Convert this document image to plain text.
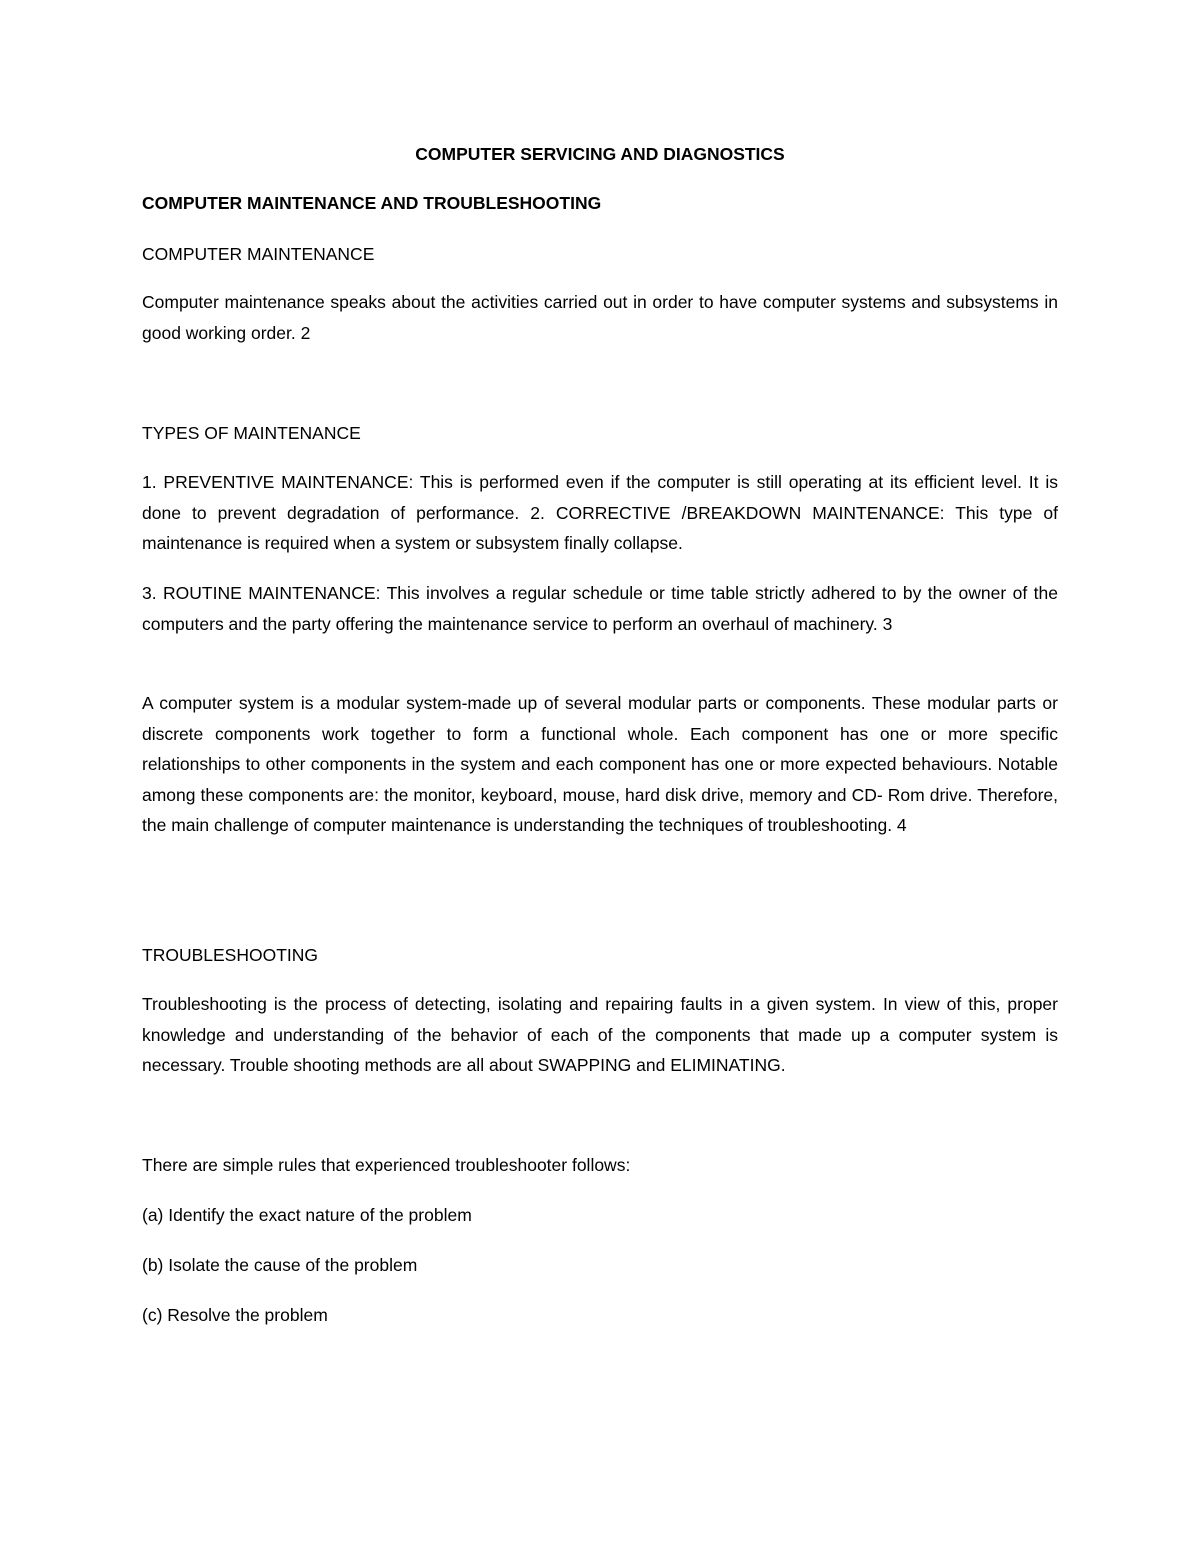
COMPUTER SERVICING AND DIAGNOSTICS

COMPUTER MAINTENANCE AND TROUBLESHOOTING

COMPUTER MAINTENANCE

Computer maintenance speaks about the activities carried out in order to have computer systems and subsystems in good working order. 2

TYPES OF MAINTENANCE

1. PREVENTIVE MAINTENANCE: This is performed even if the computer is still operating at its efficient level. It is done to prevent degradation of performance. 2. CORRECTIVE /BREAKDOWN MAINTENANCE: This type of maintenance is required when a system or subsystem finally collapse.

3. ROUTINE MAINTENANCE: This involves a regular schedule or time table strictly adhered to by the owner of the computers and the party offering the maintenance service to perform an overhaul of machinery. 3

A computer system is a modular system-made up of several modular parts or components. These modular parts or discrete components work together to form a functional whole. Each component has one or more specific relationships to other components in the system and each component has one or more expected behaviours. Notable among these components are: the monitor, keyboard, mouse, hard disk drive, memory and CD- Rom drive. Therefore, the main challenge of computer maintenance is understanding the techniques of troubleshooting. 4

TROUBLESHOOTING

Troubleshooting is the process of detecting, isolating and repairing faults in a given system. In view of this, proper knowledge and understanding of the behavior of each of the components that made up a computer system is necessary. Trouble shooting methods are all about SWAPPING and ELIMINATING.

There are simple rules that experienced troubleshooter follows:

(a) Identify the exact nature of the problem

(b) Isolate the cause of the problem

(c) Resolve the problem
